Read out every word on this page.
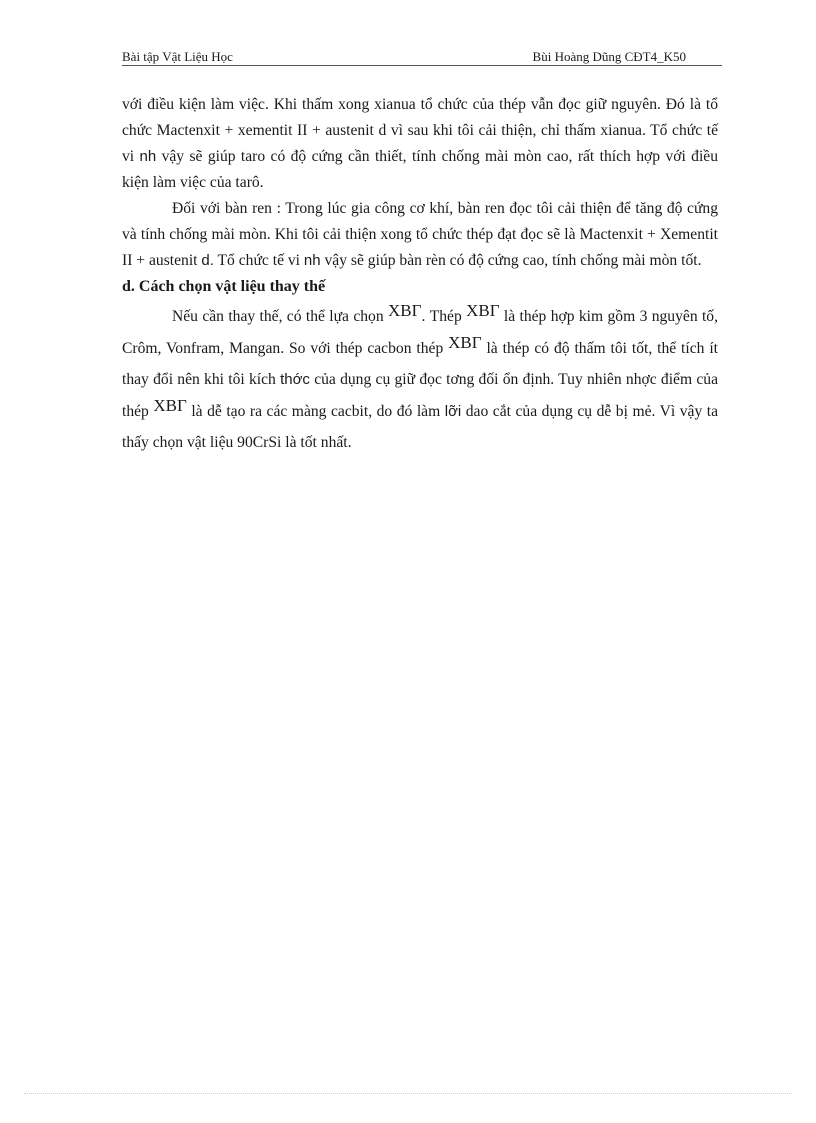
Bài tập Vật Liệu Học	Bùi Hoàng Dũng CĐT4_K50

với điều kiện làm việc. Khi thấm xong xianua tổ chức của thép vẫn đọc giữ nguyên. Đó là tổ chức Mactenxit + xementit II + austenit d vì sau khi tôi cải thiện, chỉ thấm xianua. Tổ chức tế vi nh vậy sẽ giúp taro có độ cứng cần thiết, tính chống mài mòn cao, rất thích hợp với điều kiện làm việc của tarô.

Đối với bàn ren : Trong lúc gia công cơ khí, bàn ren đọc tôi cải thiện để tăng độ cứng và tính chống mài mòn. Khi tôi cải thiện xong tổ chức thép đạt đọc sẽ là Mactenxit + Xementit II + austenit d. Tổ chức tế vi nh vậy sẽ giúp bàn rèn có độ cứng cao, tính chống mài mòn tốt.

d. Cách chọn vật liệu thay thế

Nếu cần thay thế, có thể lựa chọn ХВГ. Thép ХВГ là thép hợp kim gồm 3 nguyên tố, Crôm, Vonfram, Mangan. So với thép cacbon thép ХВГ là thép có độ thấm tôi tốt, thể tích ít thay đổi nên khi tôi kích thớc của dụng cụ giữ đọc tơng đối ổn định. Tuy nhiên nhợc điểm của thép ХВГ là dễ tạo ra các màng cacbit, do đó làm lỡi dao cắt của dụng cụ dễ bị mẻ. Vì vậy ta thấy chọn vật liệu 90CrSi là tốt nhất.
